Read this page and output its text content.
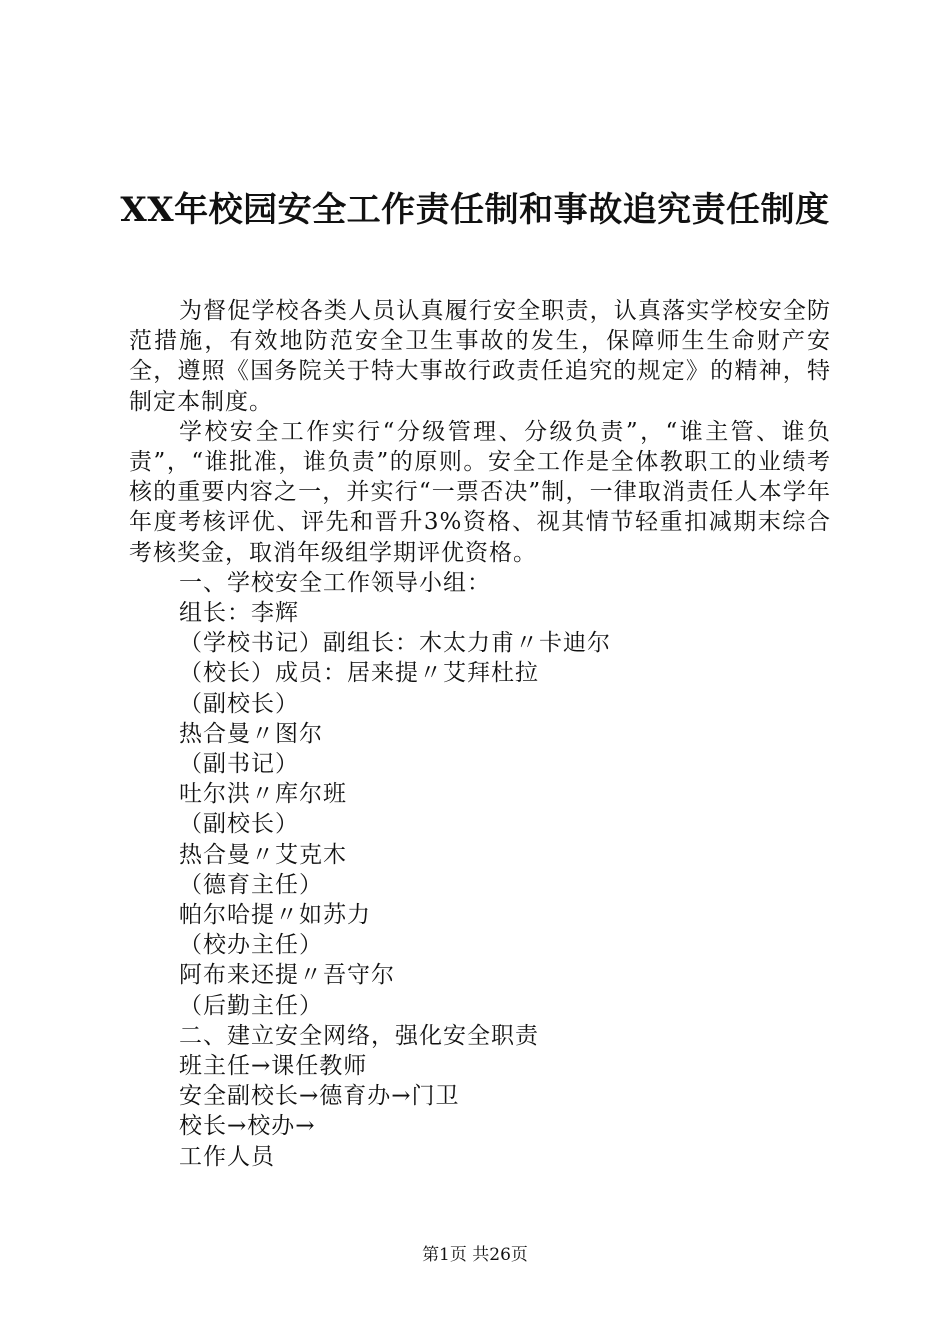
XX年校园安全工作责任制和事故追究责任制度

为督促学校各类人员认真履行安全职责，认真落实学校安全防范措施，有效地防范安全卫生事故的发生，保障师生生命财产安全，遵照《国务院关于特大事故行政责任追究的规定》的精神，特制定本制度。

学校安全工作实行“分级管理、分级负责”，“谁主管、谁负责”，“谁批准，谁负责”的原则。安全工作是全体教职工的业绩考核的重要内容之一，并实行“一票否决”制，一律取消责任人本学年年度考核评优、评先和晋升3%资格、视其情节轻重扣减期末综合考核奖金，取消年级组学期评优资格。

一、学校安全工作领导小组：

组长：李辉

（学校书记）副组长：木太力甫〃卡迪尔

（校长）成员：居来提〃艾拜杜拉

（副校长）

热合曼〃图尔

（副书记）

吐尔洪〃库尔班

（副校长）

热合曼〃艾克木

（德育主任）

帕尔哈提〃如苏力

（校办主任）

阿布来还提〃吾守尔

（后勤主任）

二、建立安全网络，强化安全职责

班主任→课任教师

安全副校长→德育办→门卫

校长→校办→

工作人员

第1页 共26页
